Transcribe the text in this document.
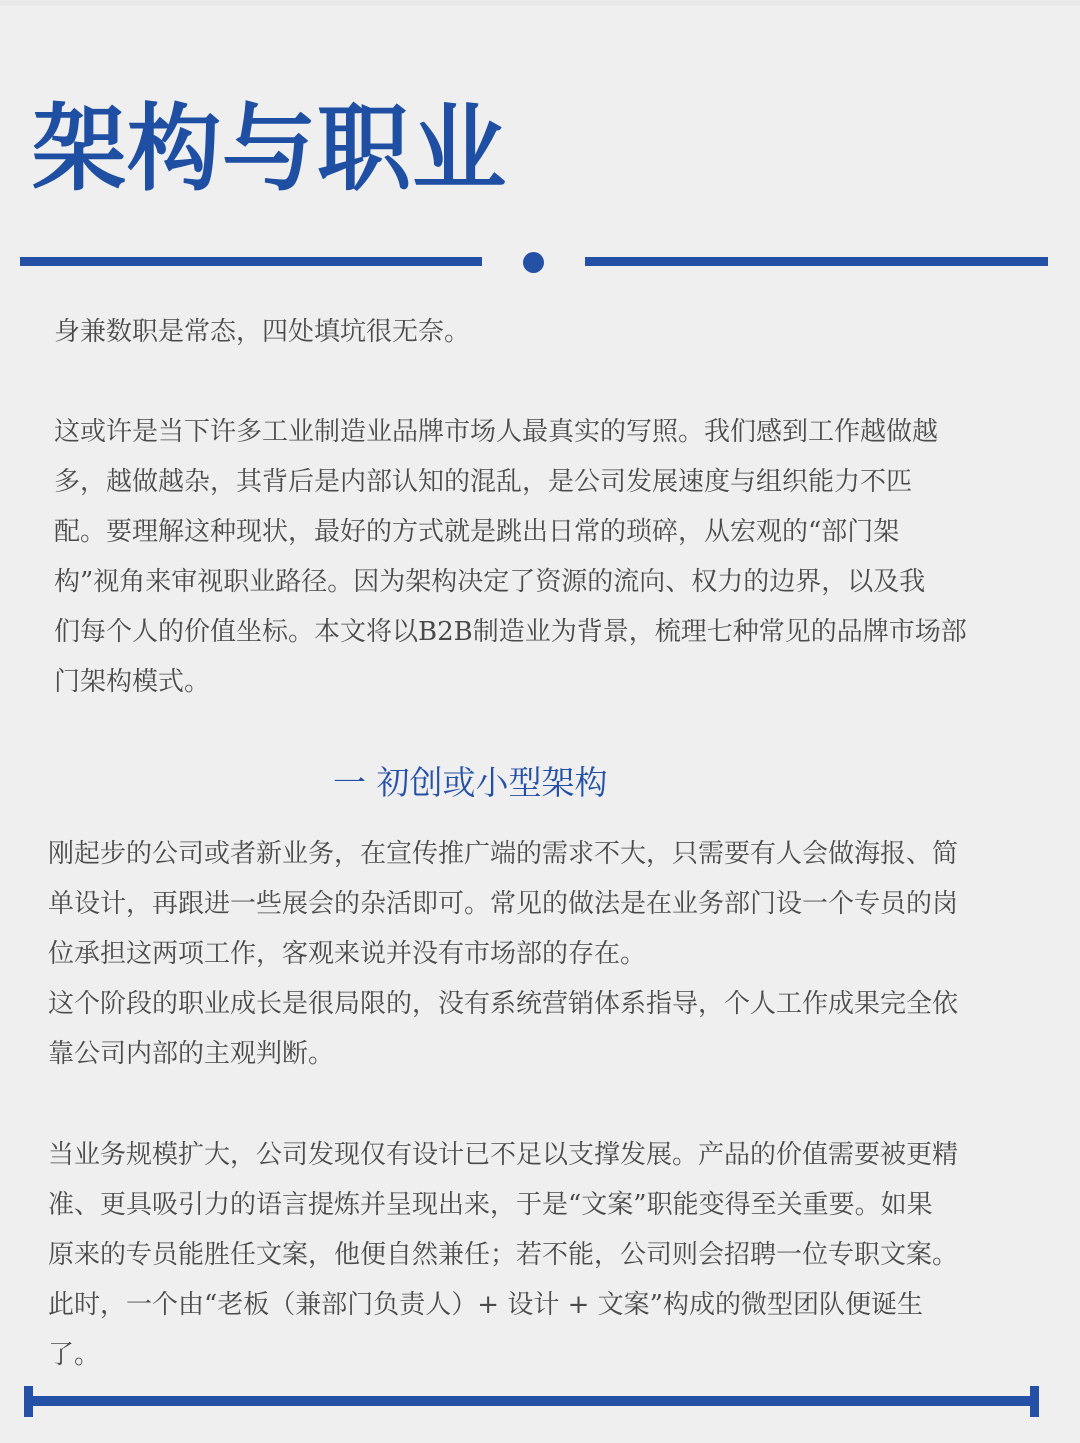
架构与职业

身兼数职是常态，四处填坑很无奈。

这或许是当下许多工业制造业品牌市场人最真实的写照。我们感到工作越做越
多，越做越杂，其背后是内部认知的混乱，是公司发展速度与组织能力不匹
配。要理解这种现状，最好的方式就是跳出日常的琐碎，从宏观的“部门架
构”视角来审视职业路径。因为架构决定了资源的流向、权力的边界，以及我
们每个人的价值坐标。本文将以B2B制造业为背景，梳理七种常见的品牌市场部
门架构模式。

一 初创或小型架构

刚起步的公司或者新业务，在宣传推广端的需求不大，只需要有人会做海报、简
单设计，再跟进一些展会的杂活即可。常见的做法是在业务部门设一个专员的岗
位承担这两项工作，客观来说并没有市场部的存在。
这个阶段的职业成长是很局限的，没有系统营销体系指导，个人工作成果完全依
靠公司内部的主观判断。

当业务规模扩大，公司发现仅有设计已不足以支撑发展。产品的价值需要被更精
准、更具吸引力的语言提炼并呈现出来，于是“文案”职能变得至关重要。如果
原来的专员能胜任文案，他便自然兼任；若不能，公司则会招聘一位专职文案。
此时，一个由“老板（兼部门负责人）+ 设计 + 文案”构成的微型团队便诞生
了。
